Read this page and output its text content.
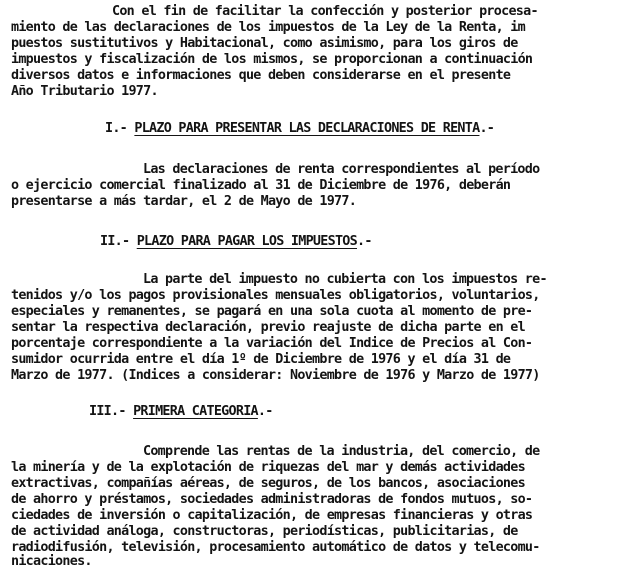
Con el fin de facilitar la confección y posterior procesa-
miento de las declaraciones de los impuestos de la Ley de la Renta, im
puestos sustitutivos y Habitacional, como asimismo, para los giros de
impuestos y fiscalización de los mismos, se proporcionan a continuación
diversos datos e informaciones que deben considerarse en el presente
Año Tributario 1977.
I.- PLAZO PARA PRESENTAR LAS DECLARACIONES DE RENTA.-
Las declaraciones de renta correspondientes al período
o ejercicio comercial finalizado al 31 de Diciembre de 1976, deberán
presentarse a más tardar, el 2 de Mayo de 1977.
II.- PLAZO PARA PAGAR LOS IMPUESTOS.-
La parte del impuesto no cubierta con los impuestos re-
tenidos y/o los pagos provisionales mensuales obligatorios, voluntarios,
especiales y remanentes, se pagará en una sola cuota al momento de pre-
sentar la respectiva declaración, previo reajuste de dicha parte en el
porcentaje correspondiente a la variación del Indice de Precios al Con-
sumidor ocurrida entre el día 1º de Diciembre de 1976 y el día 31 de
Marzo de 1977. (Indices a considerar: Noviembre de 1976 y Marzo de 1977)
III.- PRIMERA CATEGORIA.-
Comprende las rentas de la industria, del comercio, de
la minería y de la explotación de riquezas del mar y demás actividades
extractivas, compañías aéreas, de seguros, de los bancos, asociaciones
de ahorro y préstamos, sociedades administradoras de fondos mutuos, so-
ciedades de inversión o capitalización, de empresas financieras y otras
de actividad análoga, constructoras, periodísticas, publicitarias, de
radiodifusión, televisión, procesamiento automático de datos y telecomu-
nicaciones.
